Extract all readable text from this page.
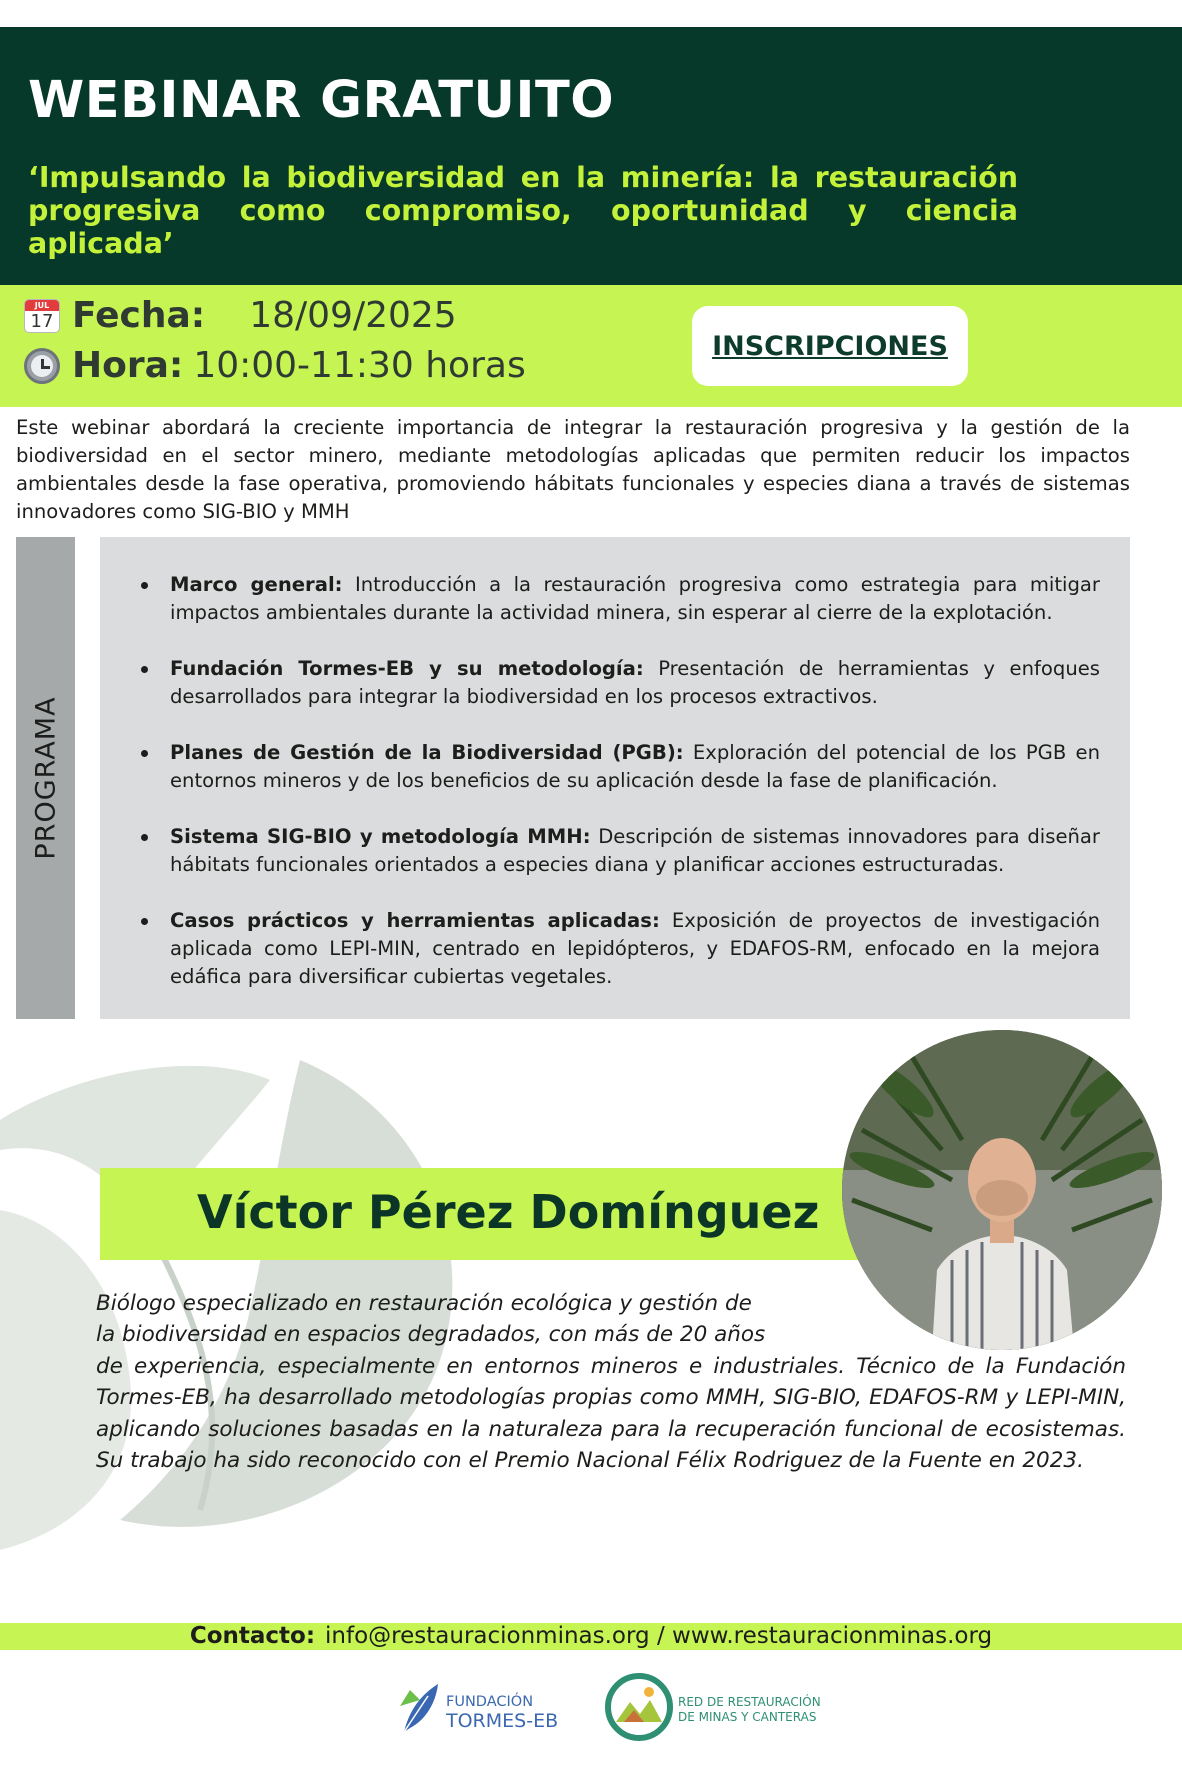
WEBINAR GRATUITO
‘Impulsando la biodiversidad en la minería: la restauración progresiva como compromiso, oportunidad y ciencia aplicada’
JUL
17 Fecha: 18/09/2025
Hora: 10:00-11:30 horas	INSCRIPCIONES

Este webinar abordará la creciente importancia de integrar la restauración progresiva y la gestión de la biodiversidad en el sector minero, mediante metodologías aplicadas que permiten reducir los impactos ambientales desde la fase operativa, promoviendo hábitats funcionales y especies diana a través de sistemas innovadores como SIG-BIO y MMH

PROGRAMA
Marco general: Introducción a la restauración progresiva como estrategia para mitigar impactos ambientales durante la actividad minera, sin esperar al cierre de la explotación.
Fundación Tormes-EB y su metodología: Presentación de herramientas y enfoques desarrollados para integrar la biodiversidad en los procesos extractivos.
Planes de Gestión de la Biodiversidad (PGB): Exploración del potencial de los PGB en entornos mineros y de los beneficios de su aplicación desde la fase de planificación.
Sistema SIG-BIO y metodología MMH: Descripción de sistemas innovadores para diseñar hábitats funcionales orientados a especies diana y planificar acciones estructuradas.
Casos prácticos y herramientas aplicadas: Exposición de proyectos de investigación aplicada como LEPI-MIN, centrado en lepidópteros, y EDAFOS-RM, enfocado en la mejora edáfica para diversificar cubiertas vegetales.
Víctor Pérez Domínguez
Biólogo especializado en restauración ecológica y gestión de
la biodiversidad en espacios degradados, con más de 20 años
de experiencia, especialmente en entornos mineros e industriales. Técnico de la Fundación Tormes-EB, ha desarrollado metodologías propias como MMH, SIG-BIO, EDAFOS-RM y LEPI-MIN, aplicando soluciones basadas en la naturaleza para la recuperación funcional de ecosistemas. Su trabajo ha sido reconocido con el Premio Nacional Félix Rodriguez de la Fuente en 2023.
Contacto: info@restauracionminas.org / www.restauracionminas.org
FUNDACIÓN
TORMES-EB
RED DE RESTAURACIÓN
DE MINAS Y CANTERAS
